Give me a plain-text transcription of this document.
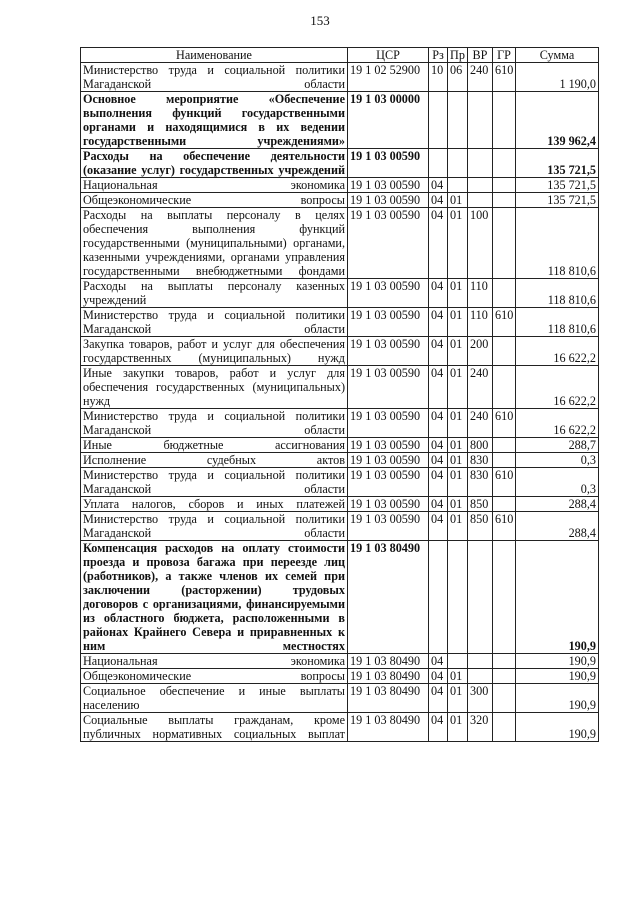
153
Наименование	ЦСР	Рз	Пр	ВР	ГР	Сумма
Министерство труда и социальной политики Магаданской области	19 1 02 52900	10	06	240	610	1 190,0
Основное мероприятие «Обеспечение выполнения функций государственными органами и находящимися в их ведении государственными учреждениями»	19 1 03 00000					139 962,4
Расходы на обеспечение деятельности (оказание услуг) государственных учреждений	19 1 03 00590					135 721,5
Национальная экономика	19 1 03 00590	04				135 721,5
Общеэкономические вопросы	19 1 03 00590	04	01			135 721,5
Расходы на выплаты персоналу в целях обеспечения выполнения функций государственными (муниципальными) органами, казенными учреждениями, органами управления государственными внебюджетными фондами	19 1 03 00590	04	01	100		118 810,6
Расходы на выплаты персоналу казенных учреждений	19 1 03 00590	04	01	110		118 810,6
Министерство труда и социальной политики Магаданской области	19 1 03 00590	04	01	110	610	118 810,6
Закупка товаров, работ и услуг для обеспечения государственных (муниципальных) нужд	19 1 03 00590	04	01	200		16 622,2
Иные закупки товаров, работ и услуг для обеспечения государственных (муниципальных) нужд	19 1 03 00590	04	01	240		16 622,2
Министерство труда и социальной политики Магаданской области	19 1 03 00590	04	01	240	610	16 622,2
Иные бюджетные ассигнования	19 1 03 00590	04	01	800		288,7
Исполнение судебных актов	19 1 03 00590	04	01	830		0,3
Министерство труда и социальной политики Магаданской области	19 1 03 00590	04	01	830	610	0,3
Уплата налогов, сборов и иных платежей	19 1 03 00590	04	01	850		288,4
Министерство труда и социальной политики Магаданской области	19 1 03 00590	04	01	850	610	288,4
Компенсация расходов на оплату стоимости проезда и провоза багажа при переезде лиц (работников), а также членов их семей при заключении (расторжении) трудовых договоров с организациями, финансируемыми из областного бюджета, расположенными в районах Крайнего Севера и приравненных к ним местностях	19 1 03 80490					190,9
Национальная экономика	19 1 03 80490	04				190,9
Общеэкономические вопросы	19 1 03 80490	04	01			190,9
Социальное обеспечение и иные выплаты населению	19 1 03 80490	04	01	300		190,9
Социальные выплаты гражданам, кроме публичных нормативных социальных выплат	19 1 03 80490	04	01	320		190,9
